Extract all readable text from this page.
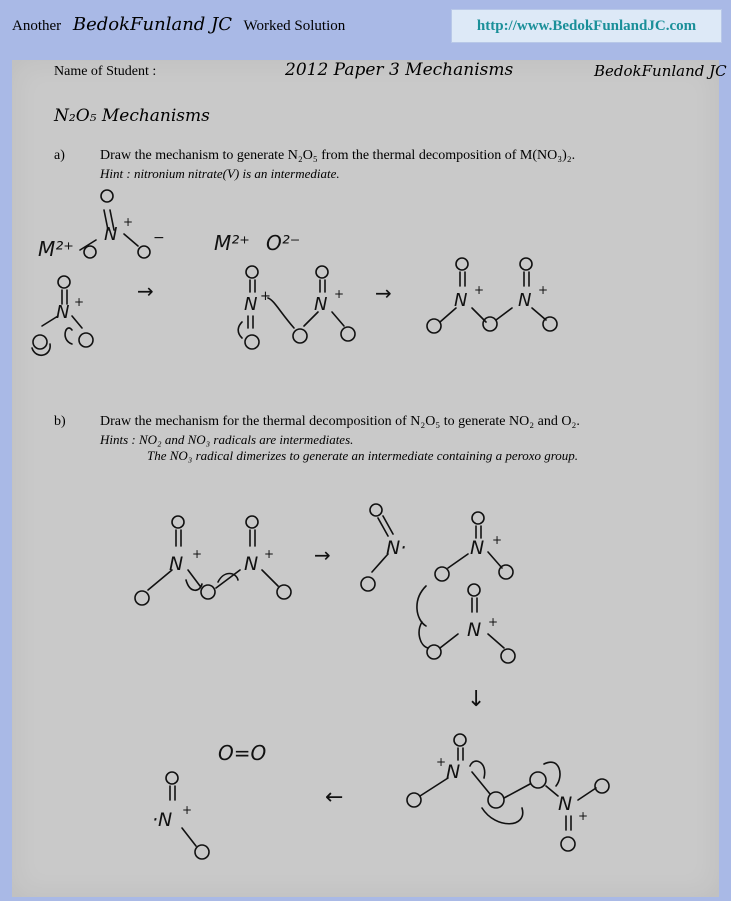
Another BedokFunland JC Worked Solution	http://www.BedokFunlandJC.com
Name of Student :	2012 Paper 3 Mechanisms	BedokFunland JC
N₂O₅ Mechanisms
a)	Draw the mechanism to generate N₂O₅ from the thermal decomposition of M(NO₃)₂.
Hint : nitronium nitrate(V) is an intermediate.
b) Draw the mechanism for the thermal decomposition of N₂O₅ to generate NO₂ and O₂.
Hints : NO₂ and NO₃ radicals are intermediates.
The NO₃ radical dimerizes to generate an intermediate containing a peroxo group.
M²⁺
N
+
− M²⁺ O²⁻
N +	→
N + N + →	N + N +
N + N + →	N·	N +
N +
↓
N
+
N
+
←
O=O
·N +
